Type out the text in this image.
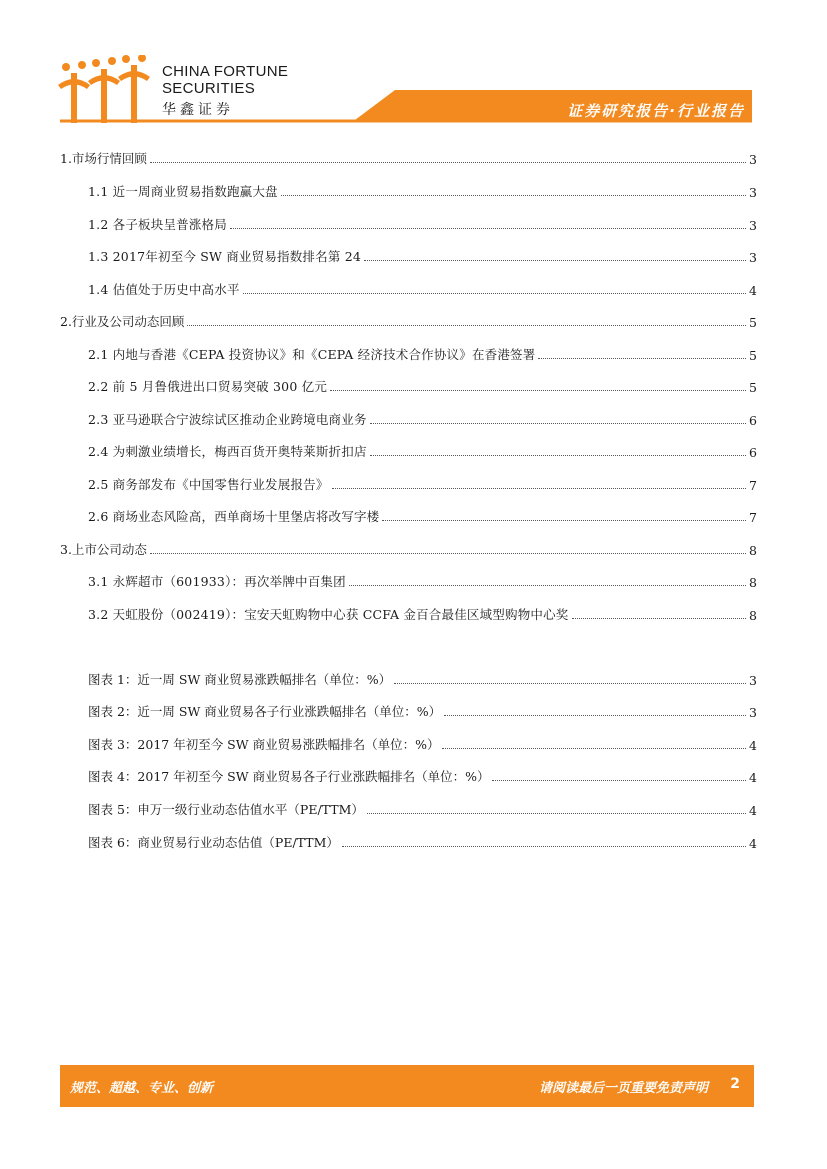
CHINA FORTUNE
SECURITIES
华鑫证券	证券研究报告·行业报告
1.市场行情回顾	3
1.1 近一周商业贸易指数跑赢大盘	3
1.2 各子板块呈普涨格局	3
1.3 2017年初至今 SW 商业贸易指数排名第 24	3
1.4 估值处于历史中高水平	4
2.行业及公司动态回顾	5
2.1 内地与香港《CEPA 投资协议》和《CEPA 经济技术合作协议》在香港签署	5
2.2 前 5 月鲁俄进出口贸易突破 300 亿元	5
2.3 亚马逊联合宁波综试区推动企业跨境电商业务	6
2.4 为刺激业绩增长，梅西百货开奥特莱斯折扣店	6
2.5 商务部发布《中国零售行业发展报告》	7
2.6 商场业态风险高，西单商场十里堡店将改写字楼	7
3.上市公司动态	8
3.1 永辉超市（601933）：再次举牌中百集团	8
3.2 天虹股份（002419）：宝安天虹购物中心获 CCFA 金百合最佳区域型购物中心奖	8
图表 1：近一周 SW 商业贸易涨跌幅排名（单位：%）	3
图表 2：近一周 SW 商业贸易各子行业涨跌幅排名（单位：%）	3
图表 3：2017 年初至今 SW 商业贸易涨跌幅排名（单位：%）	4
图表 4：2017 年初至今 SW 商业贸易各子行业涨跌幅排名（单位：%）	4
图表 5：申万一级行业动态估值水平（PE/TTM）	4
图表 6：商业贸易行业动态估值（PE/TTM）	4
规范、超越、专业、创新	请阅读最后一页重要免责声明 2
